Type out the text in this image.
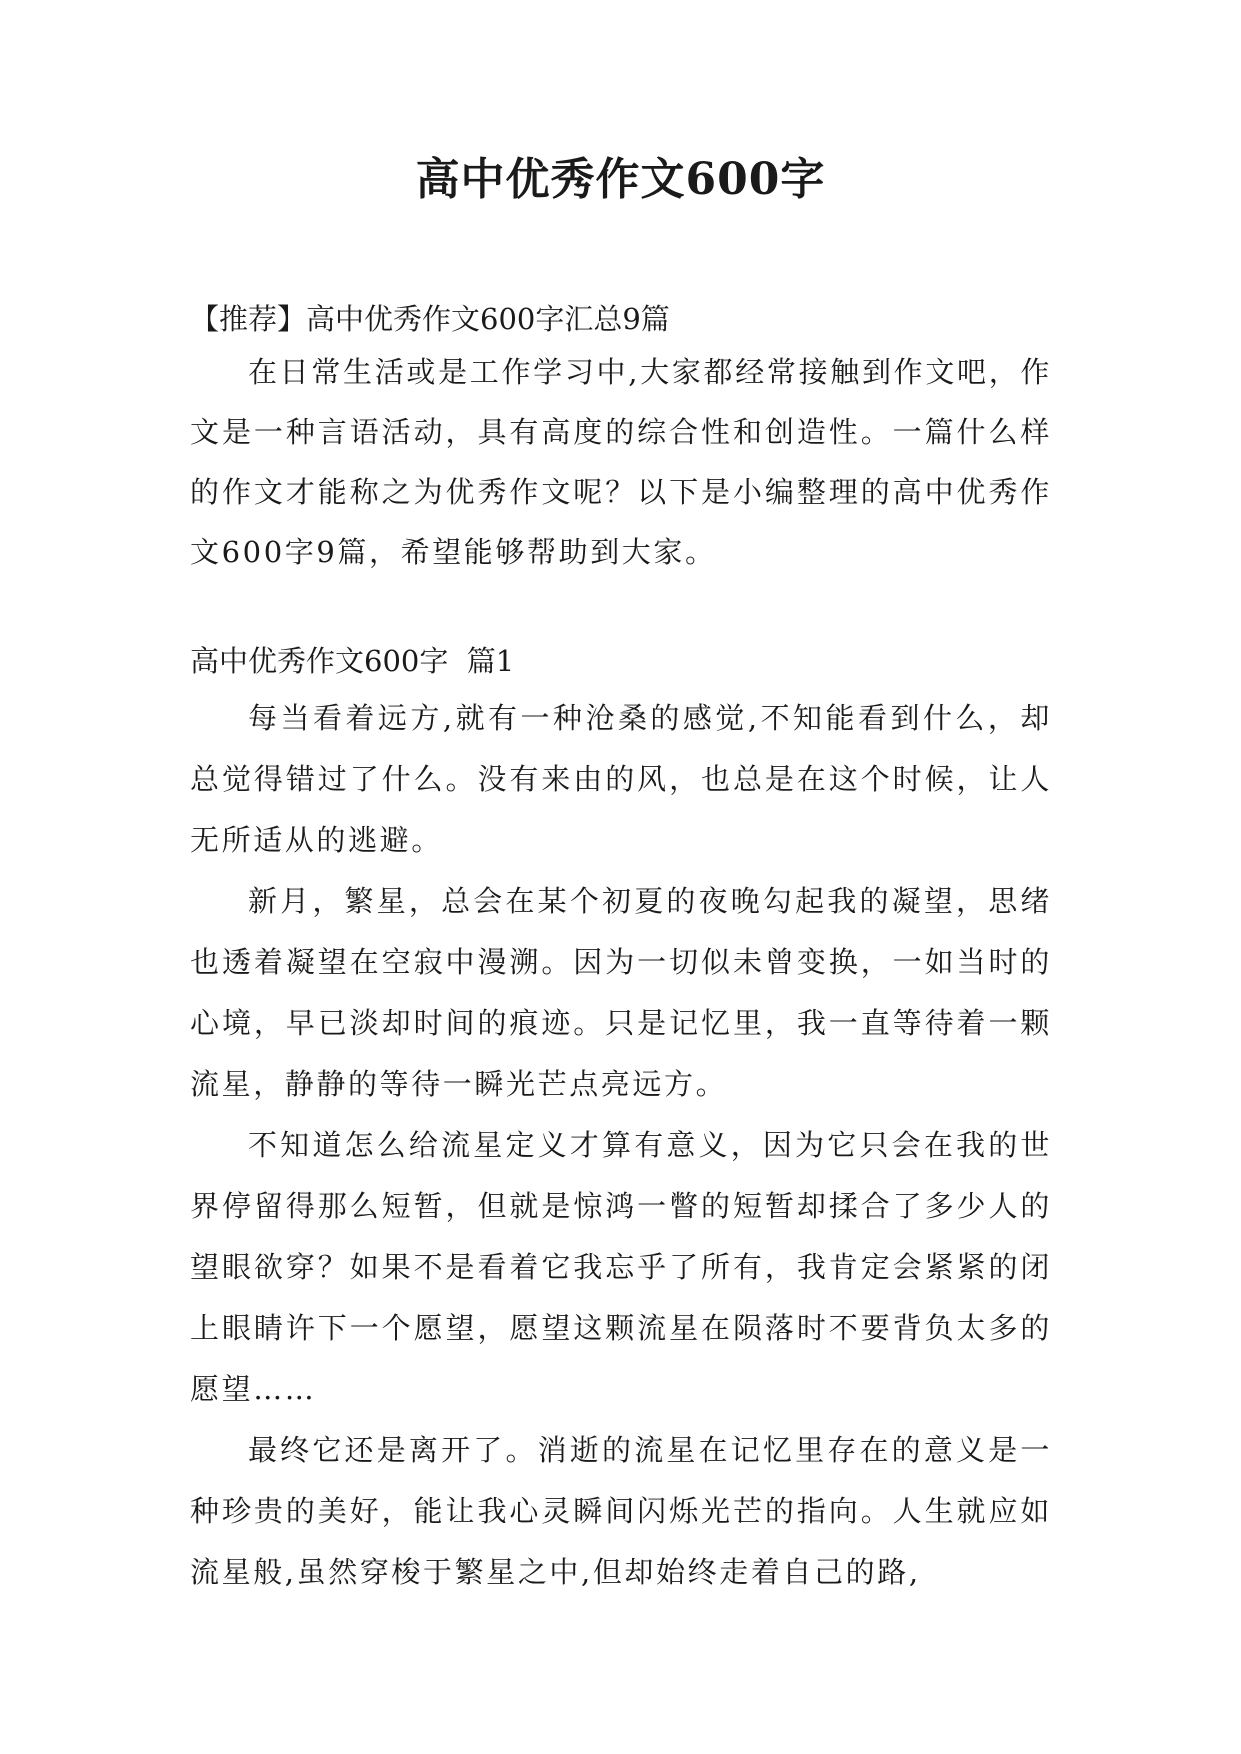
高中优秀作文600字

【推荐】高中优秀作文600字汇总9篇

在日常生活或是工作学习中,大家都经常接触到作文吧，作文是一种言语活动，具有高度的综合性和创造性。一篇什么样的作文才能称之为优秀作文呢？以下是小编整理的高中优秀作文600字9篇，希望能够帮助到大家。

高中优秀作文600字  篇1

每当看着远方,就有一种沧桑的感觉,不知能看到什么，却总觉得错过了什么。没有来由的风，也总是在这个时候，让人无所适从的逃避。

新月，繁星，总会在某个初夏的夜晚勾起我的凝望，思绪也透着凝望在空寂中漫溯。因为一切似未曾变换，一如当时的心境，早已淡却时间的痕迹。只是记忆里，我一直等待着一颗流星，静静的等待一瞬光芒点亮远方。

不知道怎么给流星定义才算有意义，因为它只会在我的世界停留得那么短暂，但就是惊鸿一瞥的短暂却揉合了多少人的望眼欲穿？如果不是看着它我忘乎了所有，我肯定会紧紧的闭上眼睛许下一个愿望，愿望这颗流星在陨落时不要背负太多的愿望……

最终它还是离开了。消逝的流星在记忆里存在的意义是一种珍贵的美好，能让我心灵瞬间闪烁光芒的指向。人生就应如流星般,虽然穿梭于繁星之中,但却始终走着自己的路,
